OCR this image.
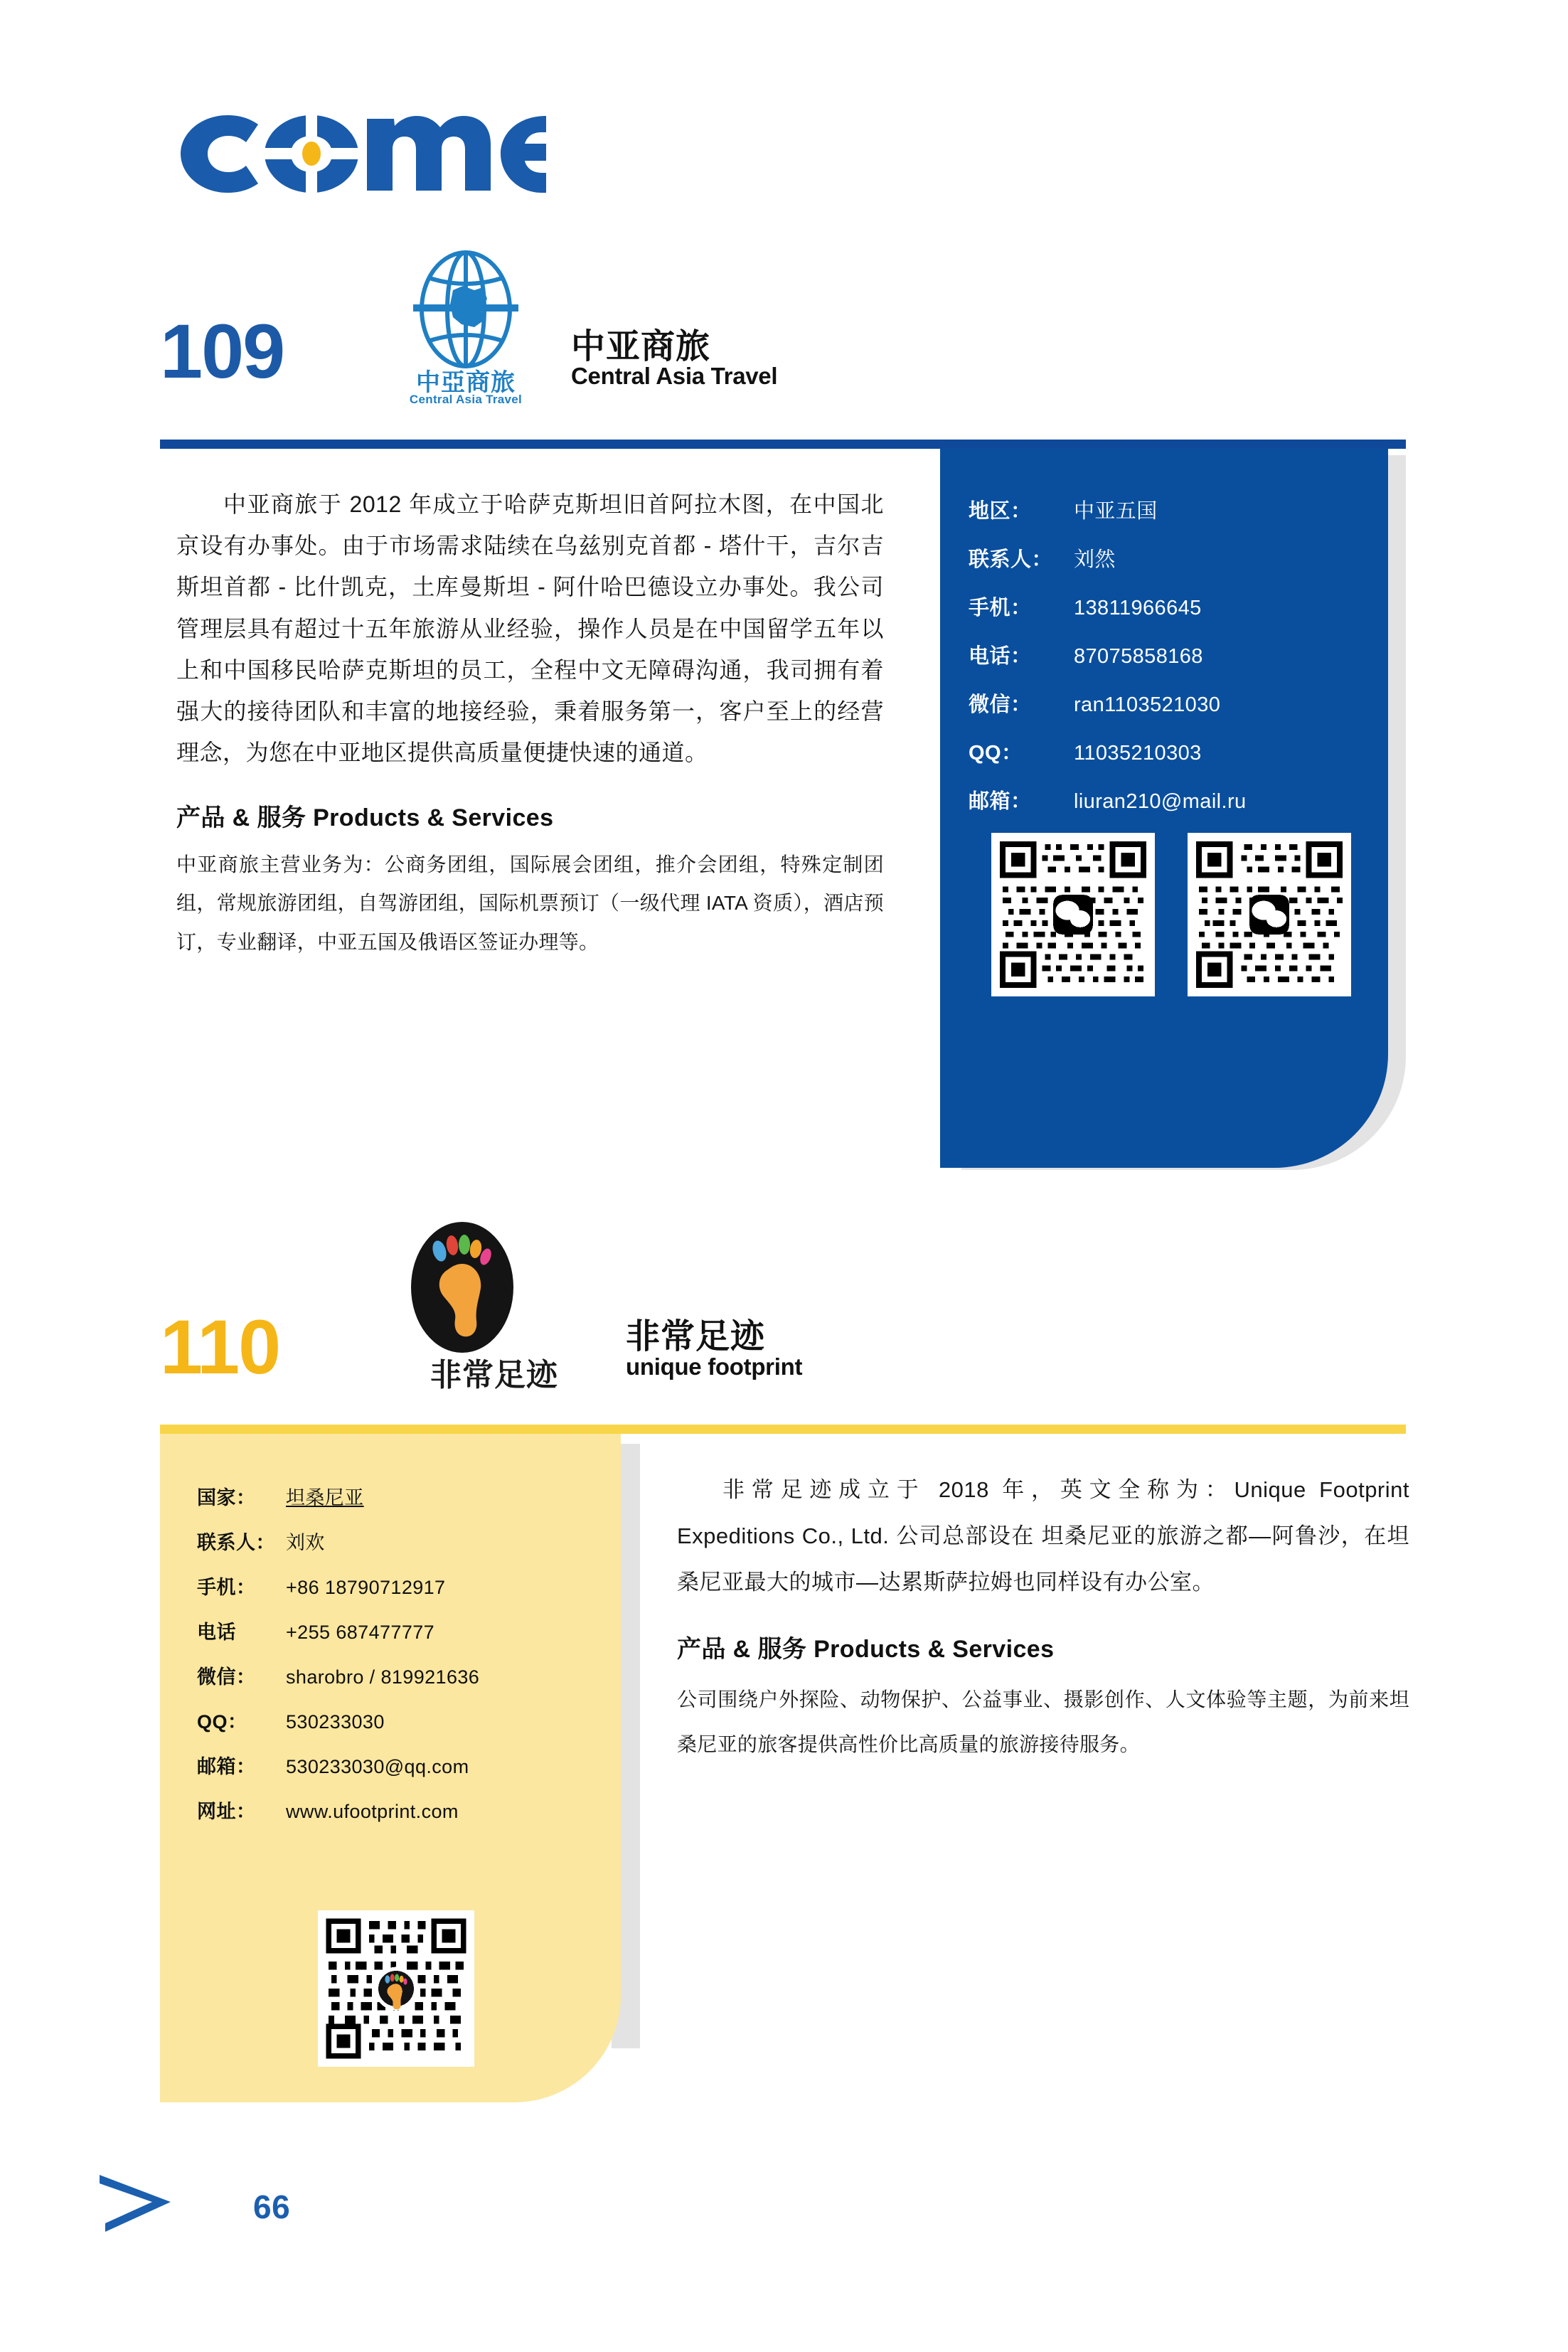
109	中亞商旅
Central Asia Travel
中亚商旅
Central Asia Travel
地区：	中亚五国
联系人：	刘然
手机：	13811966645
电话：	87075858168
微信：	ran1103521030
QQ：	11035210303
邮箱：	liuran210@mail.ru
中亚商旅于 2012 年成立于哈萨克斯坦旧首阿拉木图，在中国北京设有办事处。由于市场需求陆续在乌兹别克首都 - 塔什干，吉尔吉斯坦首都 - 比什凯克，土库曼斯坦 - 阿什哈巴德设立办事处。我公司管理层具有超过十五年旅游从业经验，操作人员是在中国留学五年以上和中国移民哈萨克斯坦的员工，全程中文无障碍沟通，我司拥有着强大的接待团队和丰富的地接经验，秉着服务第一，客户至上的经营理念，为您在中亚地区提供高质量便捷快速的通道。
产品 & 服务 Products & Services
中亚商旅主营业务为：公商务团组，国际展会团组，推介会团组，特殊定制团组，常规旅游团组，自驾游团组，国际机票预订（一级代理 IATA 资质），酒店预订，专业翻译，中亚五国及俄语区签证办理等。
110	非常足迹
非常足迹
unique footprint
国家：	坦桑尼亚
联系人： 刘欢
手机：	+86 18790712917
电话	+255 687477777
微信：	sharobro / 819921636
QQ：	530233030
邮箱：	530233030@qq.com
网址：	www.ufootprint.com
非常足迹成立于 2018 年，英文全称为：Unique Footprint Expeditions Co., Ltd. 公司总部设在 坦桑尼亚的旅游之都—阿鲁沙，在坦桑尼亚最大的城市—达累斯萨拉姆也同样设有办公室。
产品 & 服务 Products & Services
公司围绕户外探险、动物保护、公益事业、摄影创作、人文体验等主题，为前来坦桑尼亚的旅客提供高性价比高质量的旅游接待服务。
66
